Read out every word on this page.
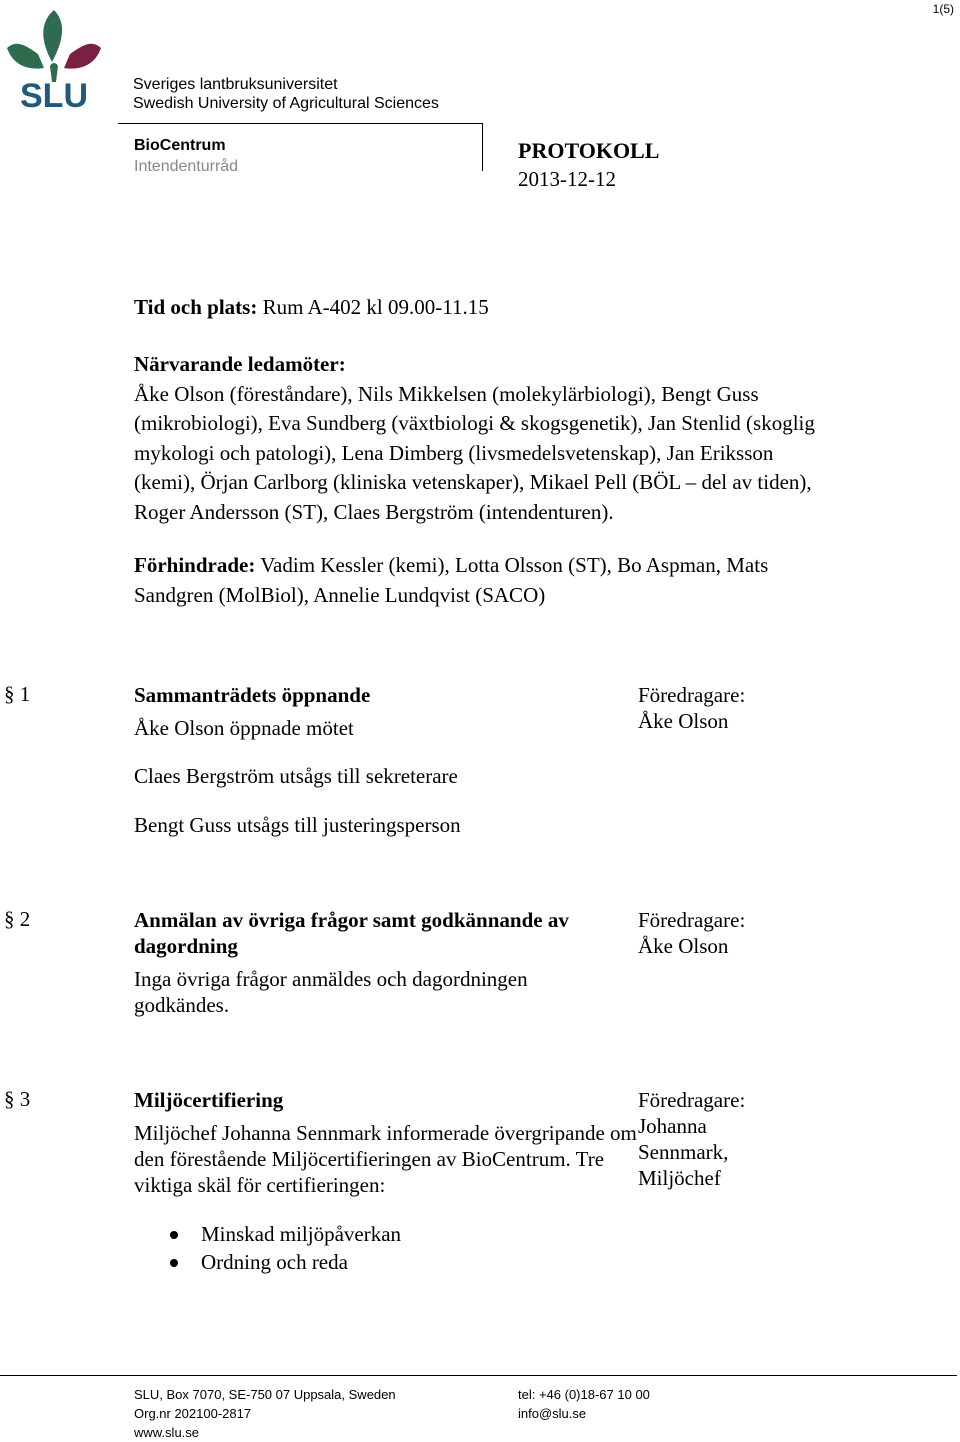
1(5)
SLU	Sveriges lantbruksuniversitet
Swedish University of Agricultural Sciences
BioCentrum
Intendenturråd
PROTOKOLL
2013-12-12
Tid och plats: Rum A-402 kl 09.00-11.15
Närvarande ledamöter:
Åke Olson (föreståndare), Nils Mikkelsen (molekylärbiologi), Bengt Guss (mikrobiologi), Eva Sundberg (växtbiologi & skogsgenetik), Jan Stenlid (skoglig mykologi och patologi), Lena Dimberg (livsmedelsvetenskap), Jan Eriksson (kemi), Örjan Carlborg (kliniska vetenskaper), Mikael Pell (BÖL – del av tiden), Roger Andersson (ST), Claes Bergström (intendenturen).
Förhindrade: Vadim Kessler (kemi), Lotta Olsson (ST), Bo Aspman, Mats Sandgren (MolBiol), Annelie Lundqvist (SACO)
§ 1	Sammanträdets öppnande
Åke Olson öppnade mötet
Claes Bergström utsågs till sekreterare
Bengt Guss utsågs till justeringsperson
Föredragare:
Åke Olson
§ 2	Anmälan av övriga frågor samt godkännande av dagordning
Inga övriga frågor anmäldes och dagordningen godkändes.
Föredragare:
Åke Olson
§ 3	Miljöcertifiering
Miljöchef Johanna Sennmark informerade övergripande om den förestående Miljöcertifieringen av BioCentrum. Tre viktiga skäl för certifieringen:
Föredragare:
Johanna Sennmark, Miljöchef
Minskad miljöpåverkan
Ordning och reda
SLU, Box 7070, SE-750 07 Uppsala, Sweden
Org.nr 202100-2817
www.slu.se
tel: +46 (0)18-67 10 00
info@slu.se
